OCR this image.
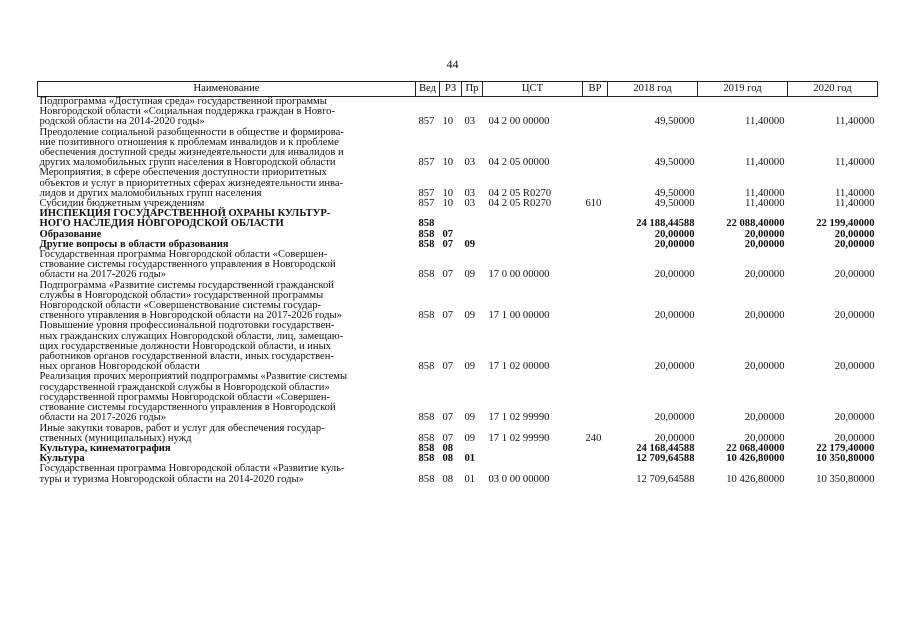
44
Наименование	Вед	РЗ	Пр	ЦСТ	ВР	2018 год	2019 год	2020 год

Подпрограмма «Доступная среда» государственной программы
Новгородской области «Социальная поддержка граждан в Новго-
родской области на 2014-2020 годы»	857	10	03	04 2 00 00000		49,50000	11,40000	11,40000

Преодоление социальной разобщенности в обществе и формирова-
ние позитивного отношения к проблемам инвалидов и к проблеме
обеспечения доступной среды жизнедеятельности для инвалидов и
других маломобильных групп населения в Новгородской области	857	10	03	04 2 05 00000		49,50000	11,40000	11,40000

Мероприятия, в сфере обеспечения доступности приоритетных
объектов и услуг в приоритетных сферах жизнедеятельности инва-
лидов и других маломобильных групп населения	857	10	03	04 2 05 R0270		49,50000	11,40000	11,40000

Субсидии бюджетным учреждениям	857	10	03	04 2 05 R0270	610	49,50000	11,40000	11,40000

ИНСПЕКЦИЯ ГОСУДАРСТВЕННОЙ ОХРАНЫ КУЛЬТУР-
НОГО НАСЛЕДИЯ НОВГОРОДСКОЙ ОБЛАСТИ	858					24 188,44588	22 088,40000	22 199,40000

Образование	858	07				20,00000	20,00000	20,00000

Другие вопросы в области образования	858	07	09			20,00000	20,00000	20,00000

Государственная программа Новгородской области «Совершен-
ствование системы государственного управления в Новгородской
области на 2017-2026 годы»	858	07	09	17 0 00 00000		20,00000	20,00000	20,00000

Подпрограмма «Развитие системы государственной гражданской
службы в Новгородской области» государственной программы
Новгородской области «Совершенствование системы государ-
ственного управления в Новгородской области на 2017-2026 годы»	858	07	09	17 1 00 00000		20,00000	20,00000	20,00000

Повышение уровня профессиональной подготовки государствен-
ных гражданских служащих Новгородской области, лиц, замещаю-
щих государственные должности Новгородской области, и иных
работников органов государственной власти, иных государствен-
ных органов Новгородской области	858	07	09	17 1 02 00000		20,00000	20,00000	20,00000

Реализация прочих мероприятий подпрограммы «Развитие системы
государственной гражданской службы в Новгородской области»
государственной программы Новгородской области «Совершен-
ствование системы государственного управления в Новгородской
области на 2017-2026 годы»	858	07	09	17 1 02 99990		20,00000	20,00000	20,00000

Иные закупки товаров, работ и услуг для обеспечения государ-
ственных (муниципальных) нужд	858	07	09	17 1 02 99990	240	20,00000	20,00000	20,00000

Культура, кинематография	858	08				24 168,44588	22 068,40000	22 179,40000

Культура	858	08	01			12 709,64588	10 426,80000	10 350,80000

Государственная программа Новгородской области «Развитие куль-
туры и туризма Новгородской области на 2014-2020 годы»	858	08	01	03 0 00 00000		12 709,64588	10 426,80000	10 350,80000
